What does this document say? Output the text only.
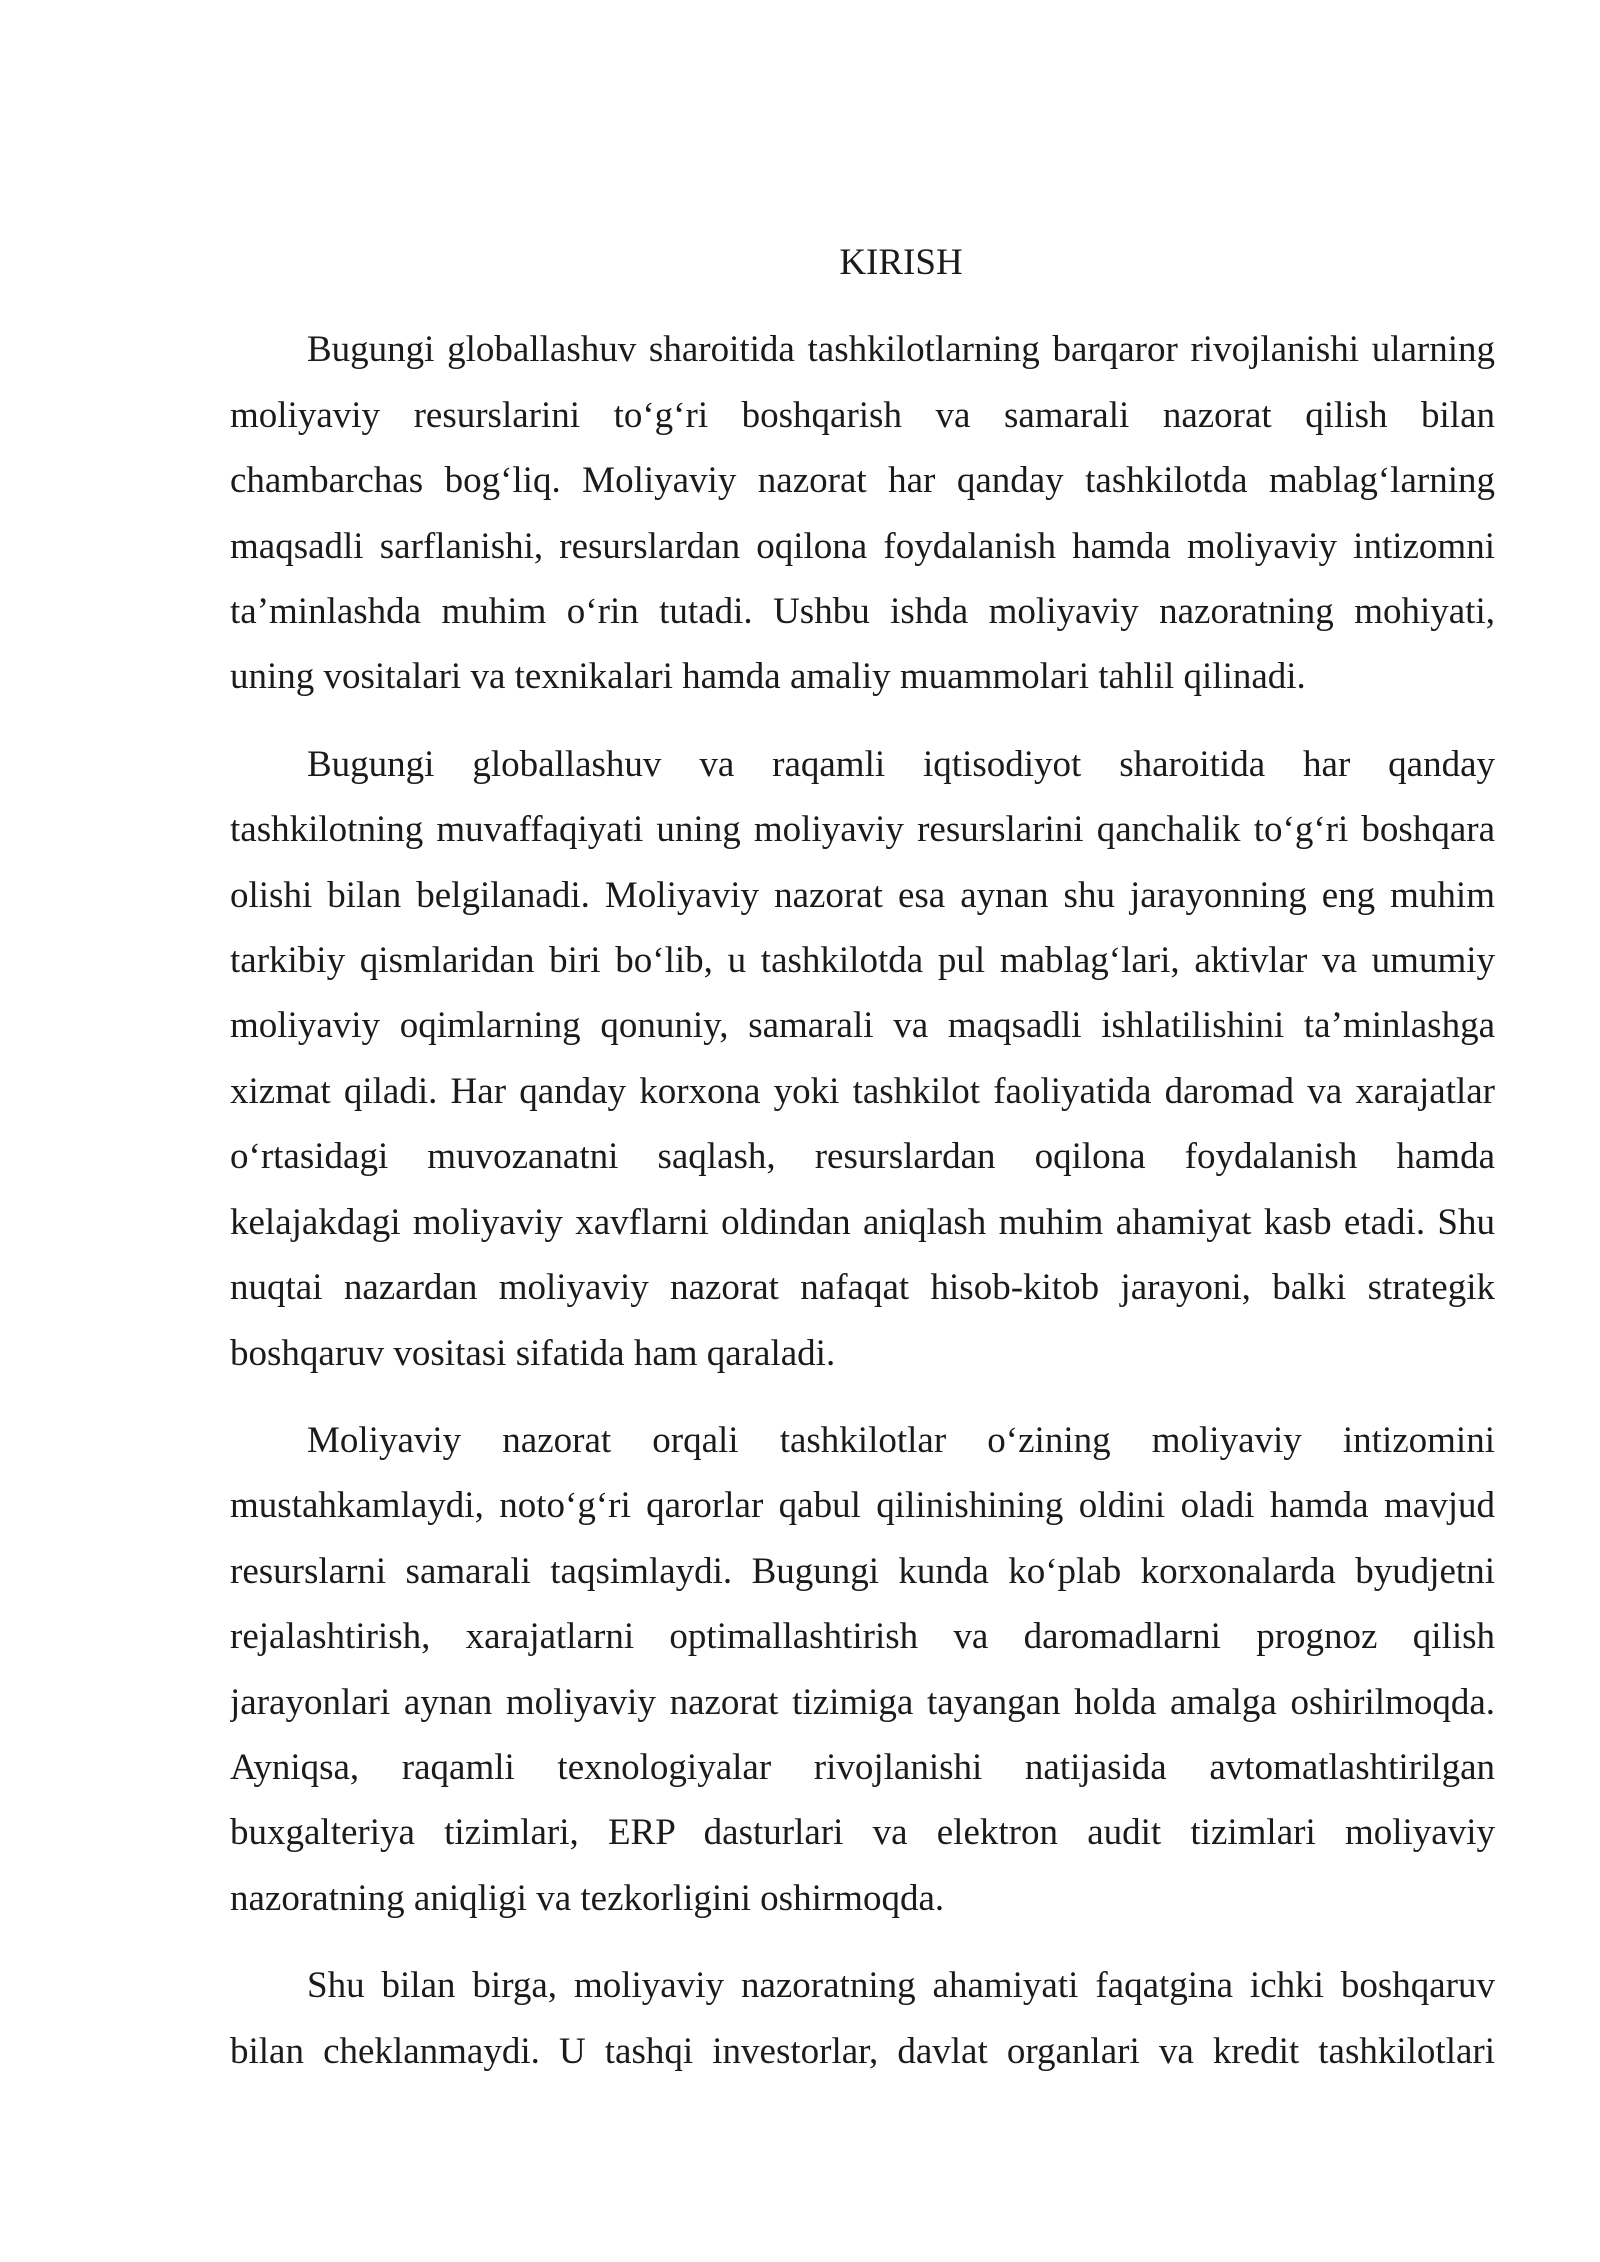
KIRISH
Bugungi globallashuv sharoitida tashkilotlarning barqaror rivojlanishi ularning
moliyaviy resurslarini to‘g‘ri boshqarish va samarali nazorat qilish bilan
chambarchas bog‘liq. Moliyaviy nazorat har qanday tashkilotda mablag‘larning
maqsadli sarflanishi, resurslardan oqilona foydalanish hamda moliyaviy intizomni
ta’minlashda muhim o‘rin tutadi. Ushbu ishda moliyaviy nazoratning mohiyati,
uning vositalari va texnikalari hamda amaliy muammolari tahlil qilinadi.
Bugungi globallashuv va raqamli iqtisodiyot sharoitida har qanday
tashkilotning muvaffaqiyati uning moliyaviy resurslarini qanchalik to‘g‘ri boshqara
olishi bilan belgilanadi. Moliyaviy nazorat esa aynan shu jarayonning eng muhim
tarkibiy qismlaridan biri bo‘lib, u tashkilotda pul mablag‘lari, aktivlar va umumiy
moliyaviy oqimlarning qonuniy, samarali va maqsadli ishlatilishini ta’minlashga
xizmat qiladi. Har qanday korxona yoki tashkilot faoliyatida daromad va xarajatlar
o‘rtasidagi muvozanatni saqlash, resurslardan oqilona foydalanish hamda
kelajakdagi moliyaviy xavflarni oldindan aniqlash muhim ahamiyat kasb etadi. Shu
nuqtai nazardan moliyaviy nazorat nafaqat hisob-kitob jarayoni, balki strategik
boshqaruv vositasi sifatida ham qaraladi.
Moliyaviy nazorat orqali tashkilotlar o‘zining moliyaviy intizomini
mustahkamlaydi, noto‘g‘ri qarorlar qabul qilinishining oldini oladi hamda mavjud
resurslarni samarali taqsimlaydi. Bugungi kunda ko‘plab korxonalarda byudjetni
rejalashtirish, xarajatlarni optimallashtirish va daromadlarni prognoz qilish
jarayonlari aynan moliyaviy nazorat tizimiga tayangan holda amalga oshirilmoqda.
Ayniqsa, raqamli texnologiyalar rivojlanishi natijasida avtomatlashtirilgan
buxgalteriya tizimlari, ERP dasturlari va elektron audit tizimlari moliyaviy
nazoratning aniqligi va tezkorligini oshirmoqda.
Shu bilan birga, moliyaviy nazoratning ahamiyati faqatgina ichki boshqaruv
bilan cheklanmaydi. U tashqi investorlar, davlat organlari va kredit tashkilotlari
